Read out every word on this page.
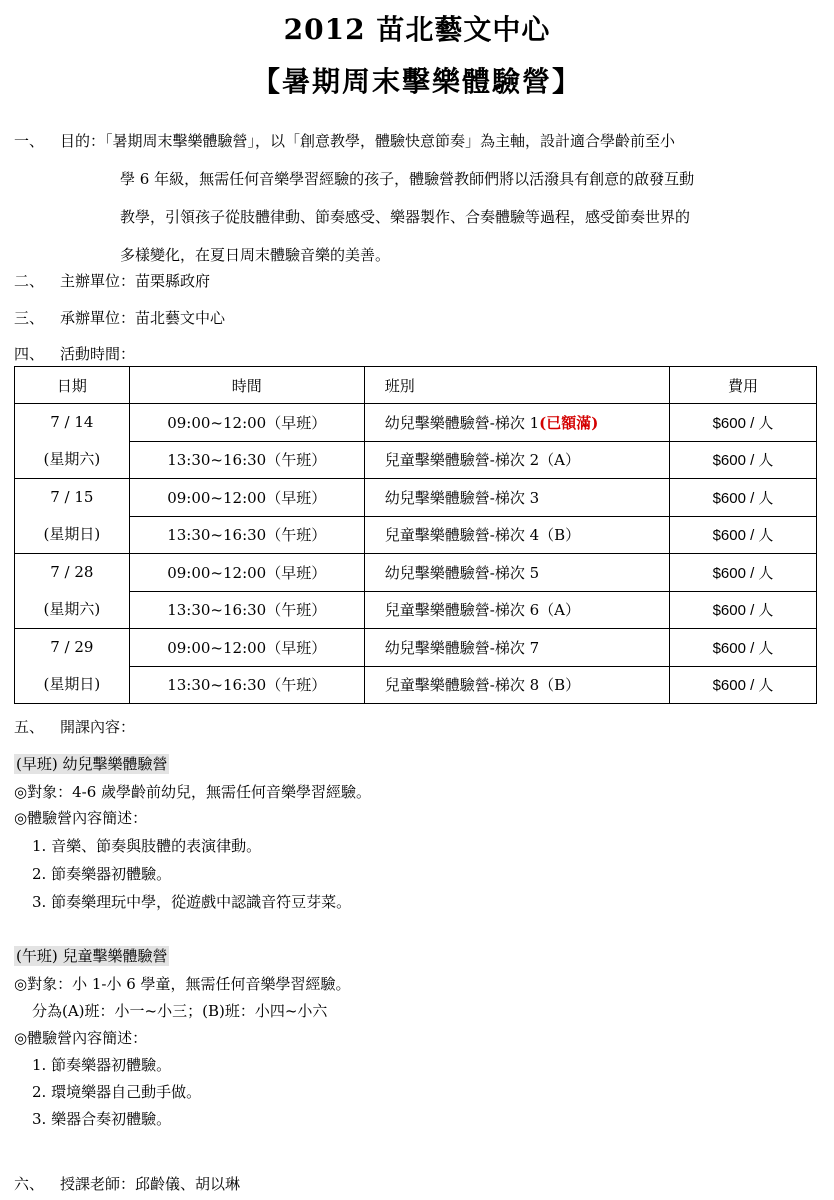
2012 苗北藝文中心
【暑期周末擊樂體驗營】
一、 目的：「暑期周末擊樂體驗營」，以「創意教學，體驗快意節奏」為主軸，設計適合學齡前至小
學 6 年級，無需任何音樂學習經驗的孩子，體驗營教師們將以活潑具有創意的啟發互動
教學，引領孩子從肢體律動、節奏感受、樂器製作、合奏體驗等過程，感受節奏世界的
多樣變化，在夏日周末體驗音樂的美善。
二、 主辦單位：苗栗縣政府
三、 承辦單位：苗北藝文中心
四、 活動時間：
日期	時間	班別	費用

7 / 14
(星期六)	09:00~12:00（早班）	幼兒擊樂體驗營-梯次 1(已額滿)	$600 / 人
	13:30~16:30（午班）	兒童擊樂體驗營-梯次 2（A）	$600 / 人

7 / 15
(星期日)	09:00~12:00（早班）	幼兒擊樂體驗營-梯次 3	$600 / 人
	13:30~16:30（午班）	兒童擊樂體驗營-梯次 4（B）	$600 / 人

7 / 28
(星期六)	09:00~12:00（早班）	幼兒擊樂體驗營-梯次 5	$600 / 人
	13:30~16:30（午班）	兒童擊樂體驗營-梯次 6（A）	$600 / 人

7 / 29
(星期日)	09:00~12:00（早班）	幼兒擊樂體驗營-梯次 7	$600 / 人
	13:30~16:30（午班）	兒童擊樂體驗營-梯次 8（B）	$600 / 人
五、 開課內容：
(早班) 幼兒擊樂體驗營
◎對象：4-6 歲學齡前幼兒，無需任何音樂學習經驗。
◎體驗營內容簡述：
1. 音樂、節奏與肢體的表演律動。
2. 節奏樂器初體驗。
3. 節奏樂理玩中學，從遊戲中認識音符豆芽菜。
(午班) 兒童擊樂體驗營
◎對象：小 1-小 6 學童，無需任何音樂學習經驗。
分為(A)班：小一~小三；(B)班：小四~小六
◎體驗營內容簡述：
1. 節奏樂器初體驗。
2. 環境樂器自己動手做。
3. 樂器合奏初體驗。
六、 授課老師：邱齡儀、胡以琳
